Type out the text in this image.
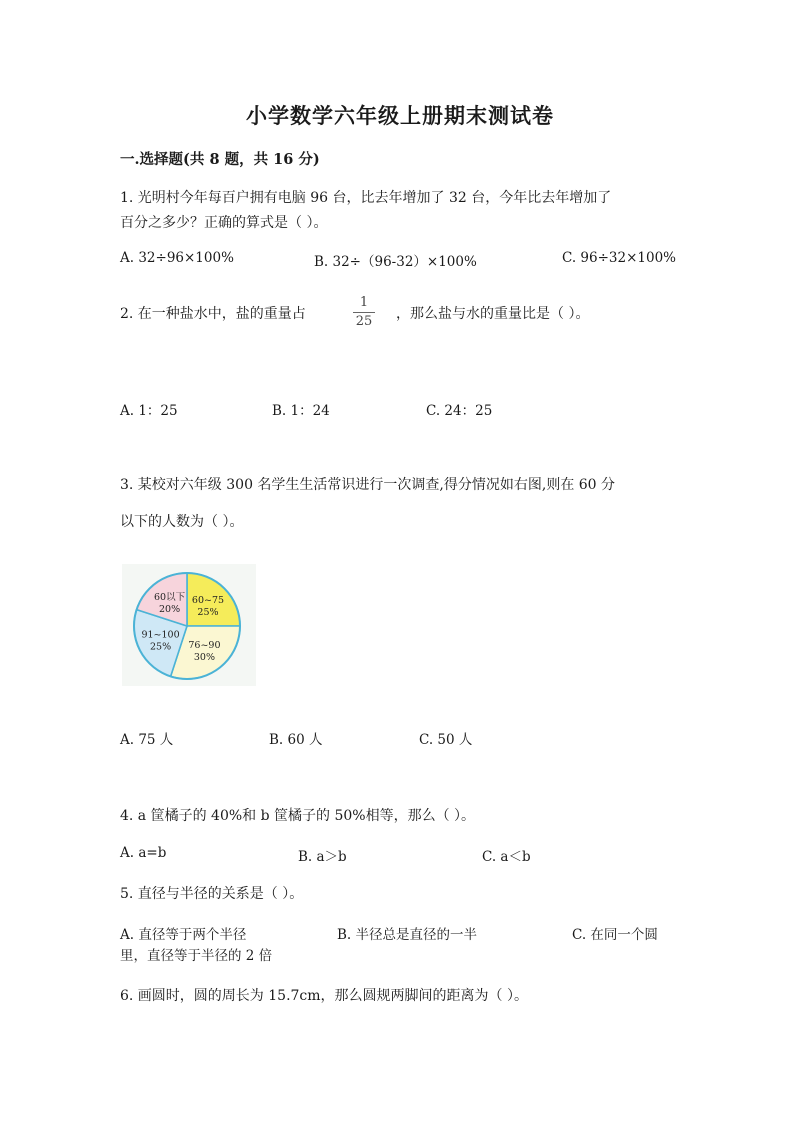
小学数学六年级上册期末测试卷
一.选择题(共 8 题，共 16 分)
1. 光明村今年每百户拥有电脑 96 台，比去年增加了 32 台，今年比去年增加了
百分之多少？正确的算式是（ ）。
A. 32÷96×100%	B. 32÷（96-32）×100%	C. 96÷32×100%
2. 在一种盐水中，盐的重量占
1
25 ，那么盐与水的重量比是（ ）。
A. 1：25	B. 1：24	C. 24：25
3. 某校对六年级 300 名学生生活常识进行一次调查,得分情况如右图,则在 60 分
以下的人数为（ ）。
60~75
25%
76~90
30%
91~100
25%
60以下
20%
A. 75 人	B. 60 人	C. 50 人
4. a 筐橘子的 40%和 b 筐橘子的 50%相等，那么（ ）。
A. a=b	B. a＞b	C. a＜b
5. 直径与半径的关系是（ ）。
A. 直径等于两个半径	B. 半径总是直径的一半	C. 在同一个圆
里，直径等于半径的 2 倍
6. 画圆时，圆的周长为 15.7cm，那么圆规两脚间的距离为（ ）。
